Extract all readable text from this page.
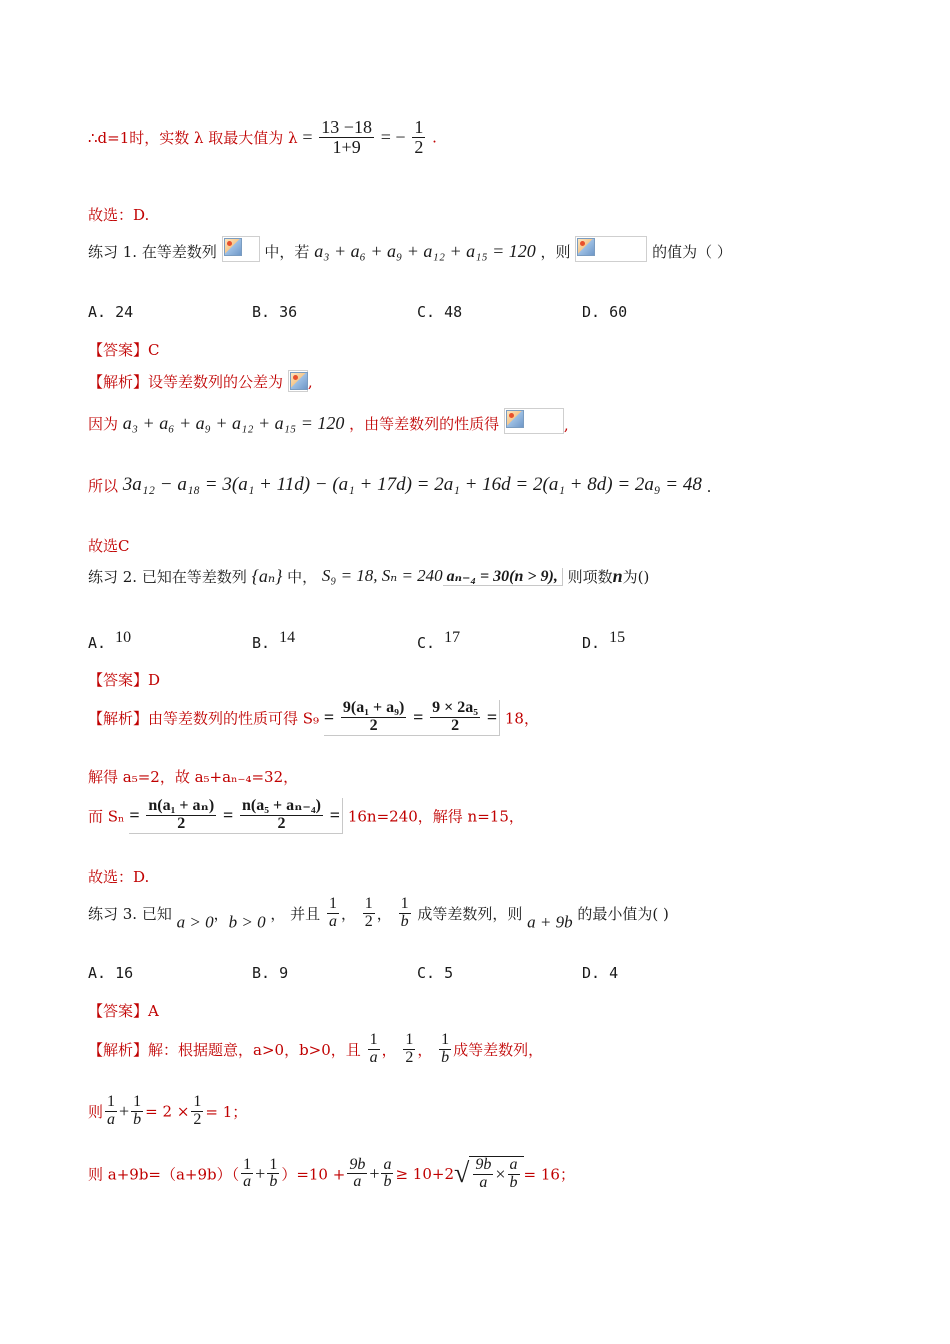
∴d=1时，实数 λ 取最大值为 $\lambda = \frac{13 -18}{1+9}$ = − $\frac{1}{2}$ .
故选：D.
练习 1. 在等差数列	中，若 a₃ + a₆ + a₉ + a₁₂ + a₁₅ = 120 ，则	的值为（ ）
A. 24	B. 36	C. 48	D. 60
【答案】C
【解析】设等差数列的公差为 ,
因为 a₃ + a₆ + a₉ + a₁₂ + a₁₅ = 120 ，由等差数列的性质得	,
所以 3a₁₂ − a₁₈ = 3(a₁ + 11d) − (a₁ + 17d) = 2a₁ + 16d = 2(a₁ + 8d) = 2a₉ = 48 .
故选C
练习 2. 已知在等差数列 {aₙ} 中， S₉ = 18, Sₙ = 240 aₙ₋₄ = 30(n > 9), 则项数n为()
A. 10	B. 14	C. 17	D. 15
【答案】D
【解析】由等差数列的性质可得 $S_9 = \frac{\text{9(a₁ + a₉)}}{2} = \frac{\text{9 × 2a₅}}{2} = 18$，
解得 a₅=2，故 a₅+aₙ₋₄=32，
而 $S_n = \frac{\text{n(a₁ + aₙ)}}{2} = \frac{\text{n(a₅ + aₙ₋₄)}}{2} = 16n=240$，解得 n=15，
故选：D.
练习 3. 已知 a > 0，b > 0 ， 并且 $\frac{1}{a}$ ， $\frac{1}{2}$ ， $\frac{1}{b}$ 成等差数列，则 a + 9b 的最小值为( )
A. 16	B. 9	C. 5	D. 4
【答案】A
【解析】解：根据题意，a>0，b>0，且 $\frac{1}{a}$ ， $\frac{1}{2}$ ， $\frac{1}{b}$ 成等差数列，
则 $\frac{1}{a} + \frac{1}{b} = 2 \times \frac{1}{2} = 1$；
则 $a+9b=(a+9b)( \frac{1}{a} + \frac{1}{b} )=10 + \frac{9b}{a} + \frac{a}{b} \ge 10+2√ \frac{9b}{a} \times \frac{a}{b} = 16$；
